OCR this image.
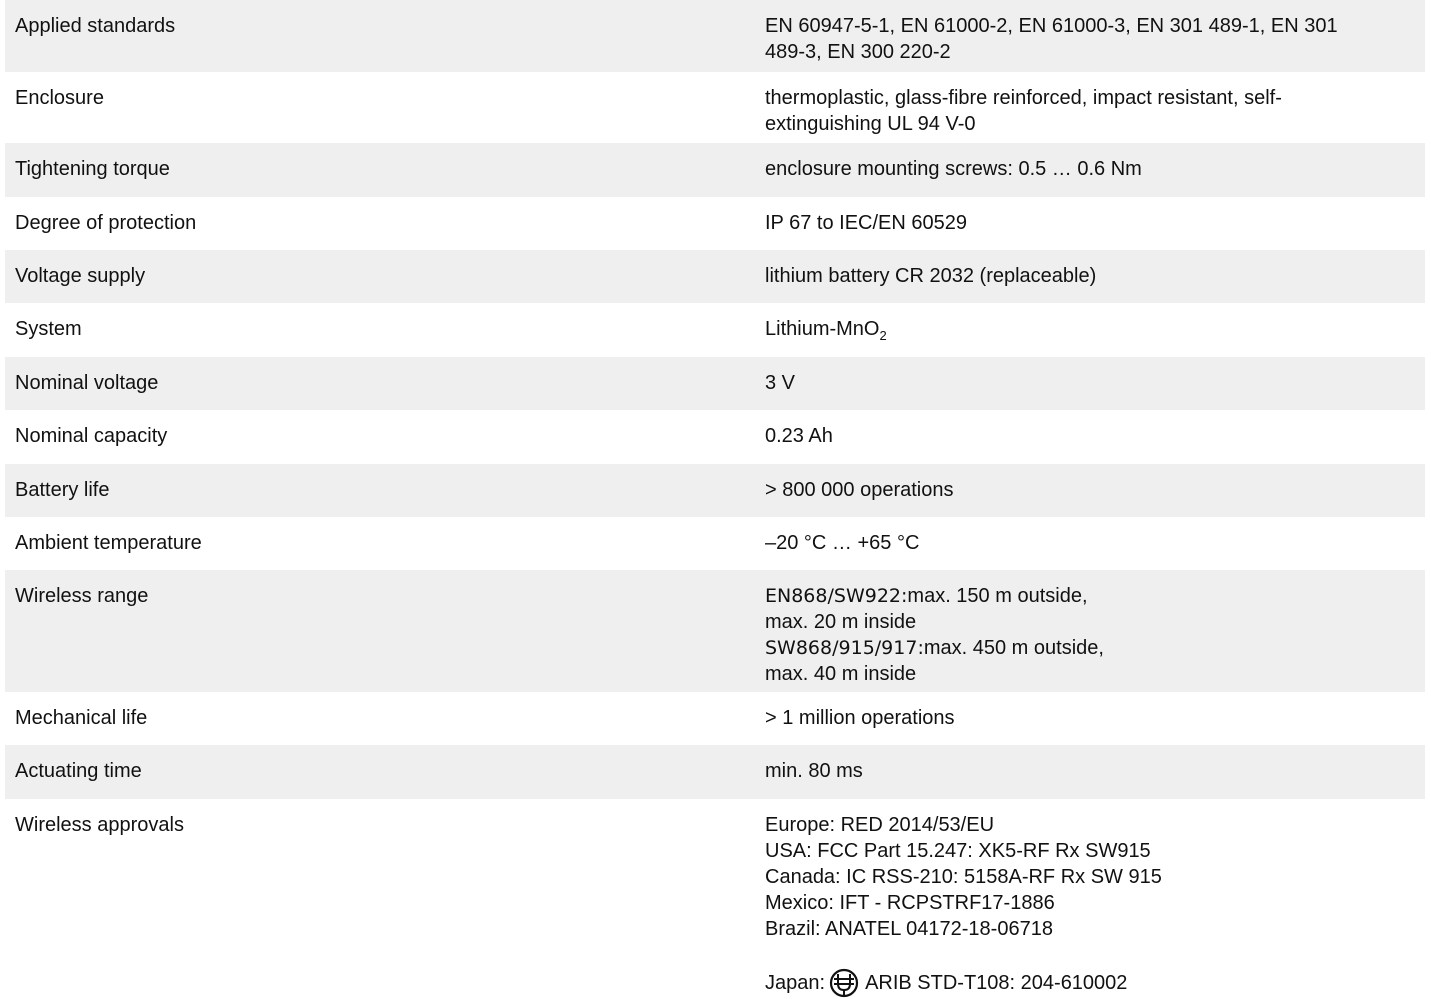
Applied standards	EN 60947-5-1, EN 61000-2, EN 61000-3, EN 301 489-1, EN 301
489-3, EN 300 220-2
Enclosure	thermoplastic, glass-fibre reinforced, impact resistant, self-
extinguishing UL 94 V-0
Tightening torque	enclosure mounting screws: 0.5 … 0.6 Nm
Degree of protection	IP 67 to IEC/EN 60529
Voltage supply	lithium battery CR 2032 (replaceable)
System	Lithium-MnO$_2$
Nominal voltage	3 V
Nominal capacity	0.23 Ah
Battery life	> 800 000 operations
Ambient temperature	–20 °C … +65 °C
Wireless range	EN868/SW922:max. 150 m outside,
max. 20 m inside
SW868/915/917:max. 450 m outside,
max. 40 m inside
Mechanical life	> 1 million operations
Actuating time	min. 80 ms
Wireless approvals	Europe: RED 2014/53/EU
USA: FCC Part 15.247: XK5-RF Rx SW915
Canada: IC RSS-210: 5158A-RF Rx SW 915
Mexico: IFT - RCPSTRF17-1886
Brazil: ANATEL 04172-18-06718
Japan: ARIB STD-T108: 204-610002
